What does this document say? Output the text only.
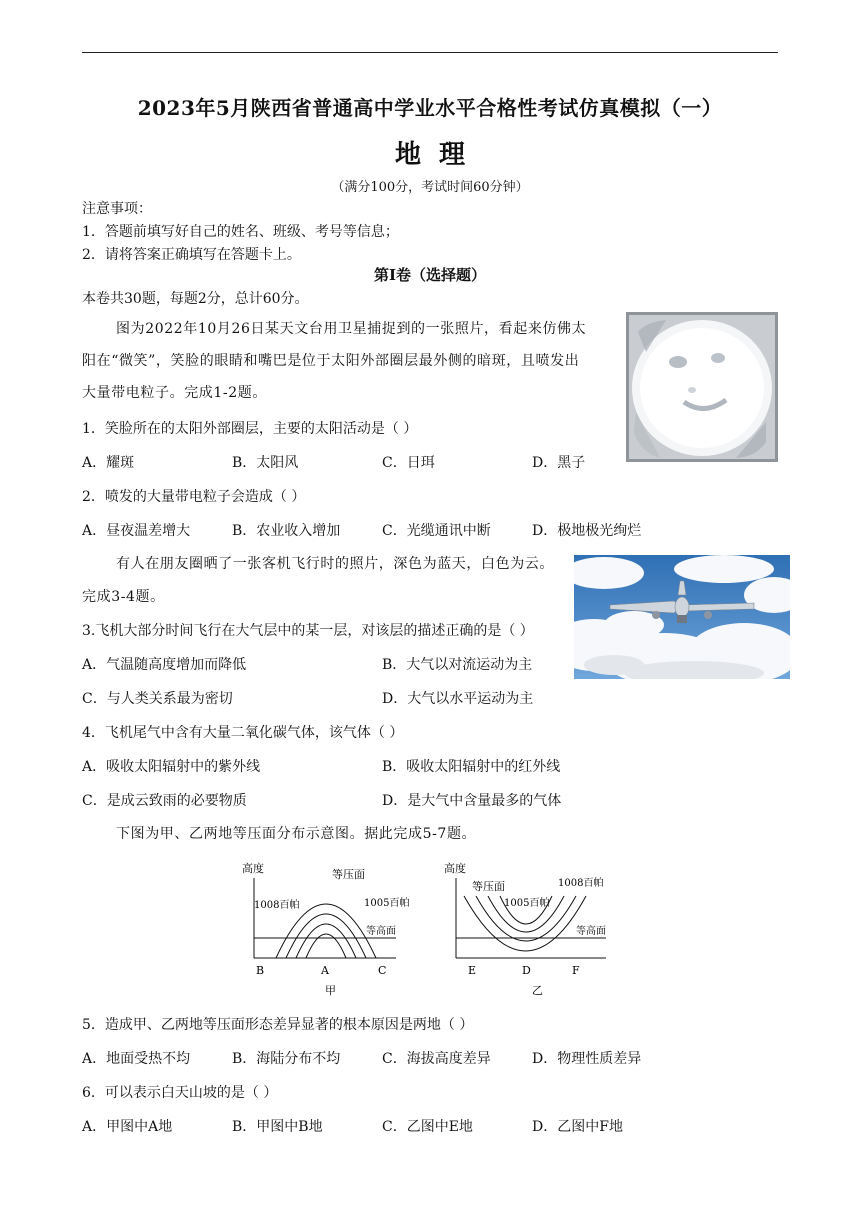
2023年5月陕西省普通高中学业水平合格性考试仿真模拟（一）
地理
（满分100分，考试时间60分钟）
注意事项：
1．答题前填写好自己的姓名、班级、考号等信息；
2．请将答案正确填写在答题卡上。
第Ⅰ卷（选择题）
本卷共30题，每题2分，总计60分。
图为2022年10月26日某天文台用卫星捕捉到的一张照片，看起来仿佛太
阳在“微笑”，笑脸的眼睛和嘴巴是位于太阳外部圈层最外侧的暗斑，且喷发出
大量带电粒子。完成1-2题。
1．笑脸所在的太阳外部圈层，主要的太阳活动是（ ）
A．耀斑	B．太阳风	C．日珥	D．黑子
2．喷发的大量带电粒子会造成（ ）
A．昼夜温差增大	B．农业收入增加	C．光缆通讯中断	D．极地极光绚烂
有人在朋友圈晒了一张客机飞行时的照片，深色为蓝天，白色为云。
完成3-4题。
3.飞机大部分时间飞行在大气层中的某一层，对该层的描述正确的是（ ）
A．气温随高度增加而降低	B．大气以对流运动为主
C．与人类关系最为密切	D．大气以水平运动为主
4．飞机尾气中含有大量二氧化碳气体，该气体（ ）
A．吸收太阳辐射中的紫外线	B．吸收太阳辐射中的红外线
C．是成云致雨的必要物质	D．是大气中含量最多的气体
下图为甲、乙两地等压面分布示意图。据此完成5-7题。
高度	等压面
1008百帕	1005百帕
等高面
B	A	C
甲
高度
等压面
1005百帕
1008百帕
等高面
E	D	F
乙
5．造成甲、乙两地等压面形态差异显著的根本原因是两地（ ）
A．地面受热不均	B．海陆分布不均	C．海拔高度差异	D．物理性质差异
6．可以表示白天山坡的是（ ）
A．甲图中A地	B．甲图中B地	C．乙图中E地	D．乙图中F地
